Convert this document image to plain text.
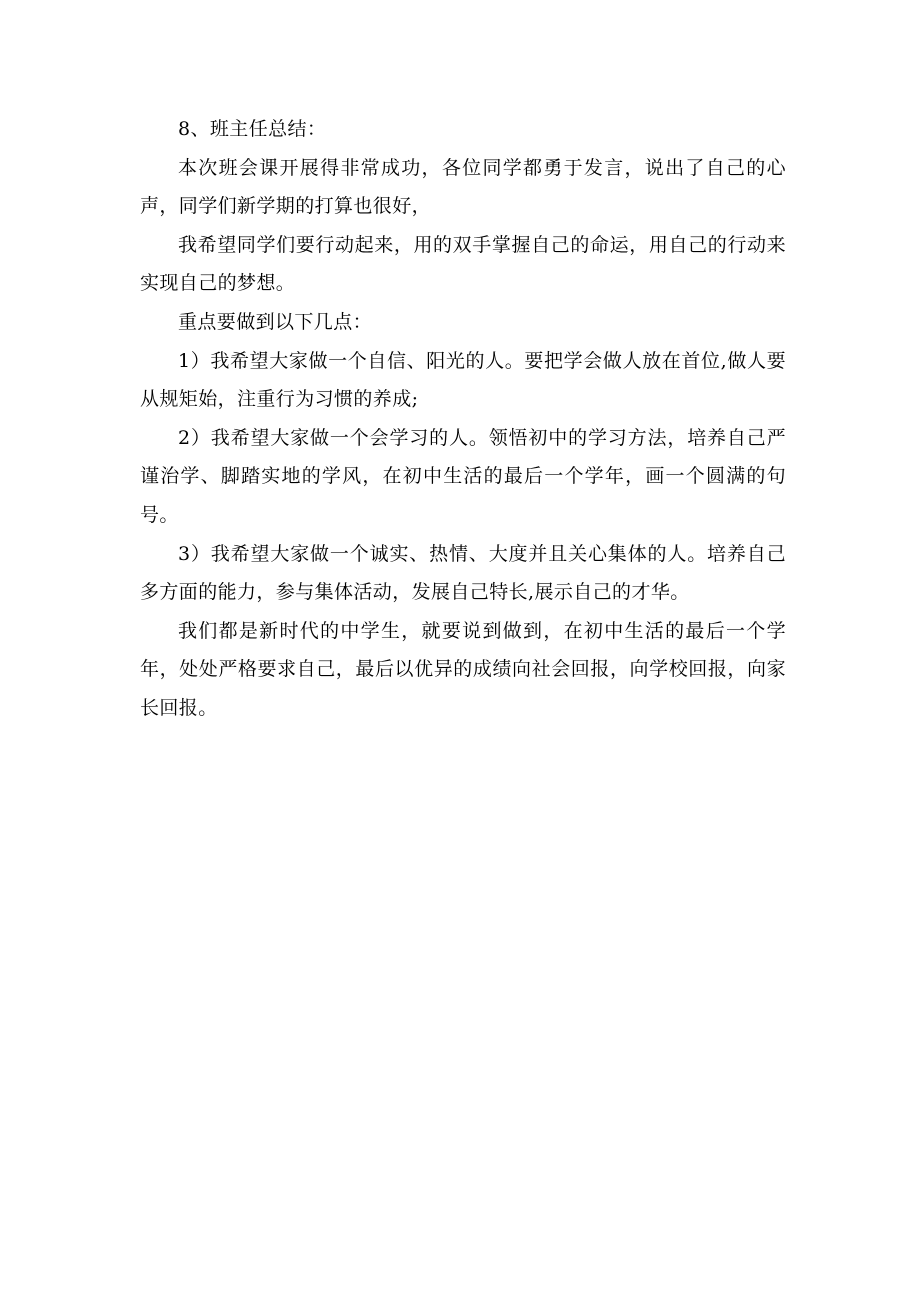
8、班主任总结：

本次班会课开展得非常成功，各位同学都勇于发言，说出了自己的心声，同学们新学期的打算也很好，

我希望同学们要行动起来，用的双手掌握自己的命运，用自己的行动来实现自己的梦想。

重点要做到以下几点：

1）我希望大家做一个自信、阳光的人。要把学会做人放在首位,做人要从规矩始，注重行为习惯的养成;

2）我希望大家做一个会学习的人。领悟初中的学习方法，培养自己严谨治学、脚踏实地的学风，在初中生活的最后一个学年，画一个圆满的句号。

3）我希望大家做一个诚实、热情、大度并且关心集体的人。培养自己多方面的能力，参与集体活动，发展自己特长,展示自己的才华。

我们都是新时代的中学生，就要说到做到，在初中生活的最后一个学年，处处严格要求自己，最后以优异的成绩向社会回报，向学校回报，向家长回报。
